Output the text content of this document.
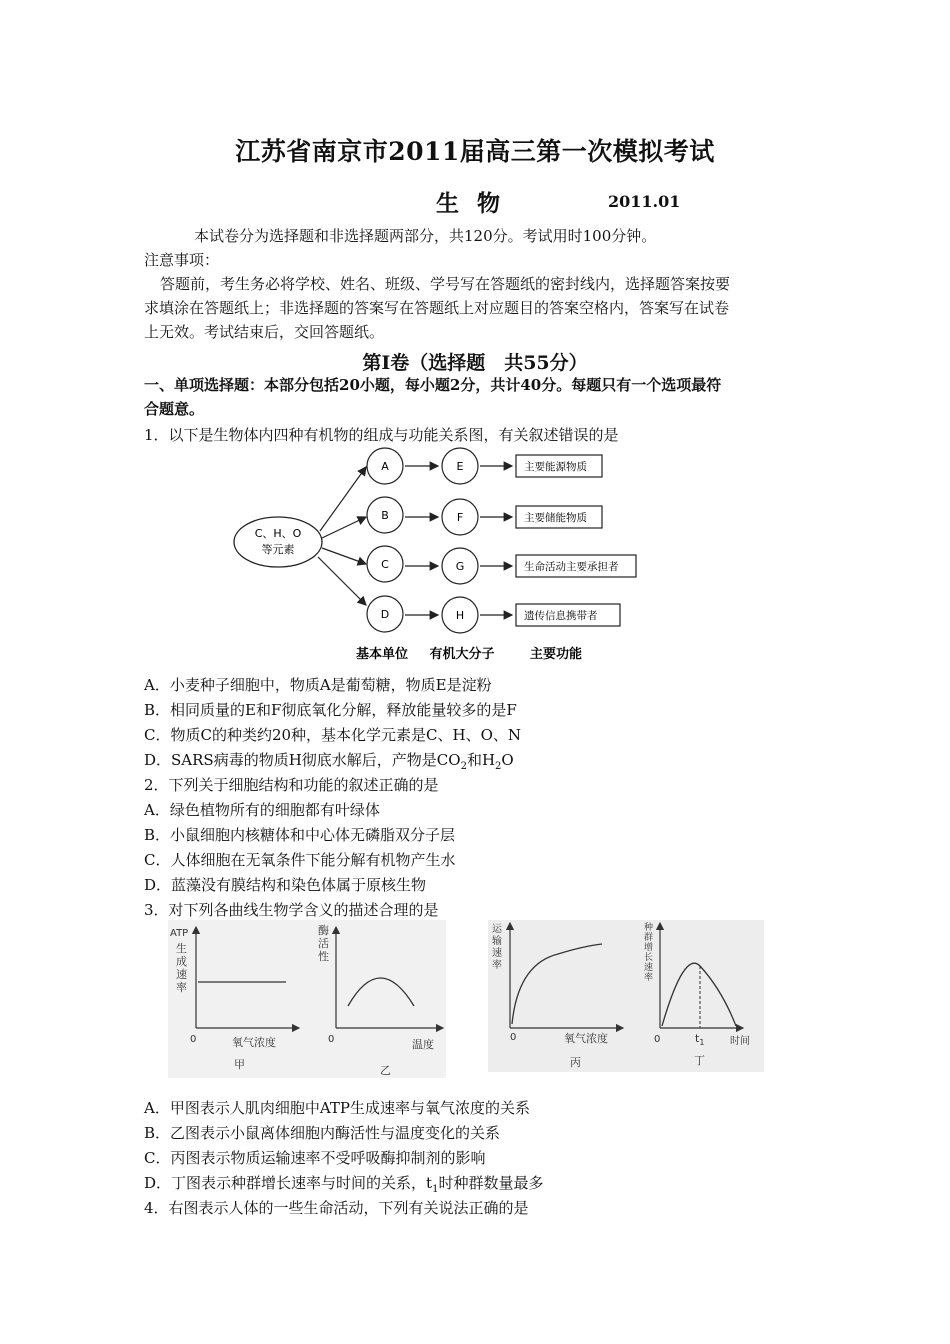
江苏省南京市2011届高三第一次模拟考试
生物	2011.01
本试卷分为选择题和非选择题两部分，共120分。考试用时100分钟。
注意事项：
答题前，考生务必将学校、姓名、班级、学号写在答题纸的密封线内，选择题答案按要
求填涂在答题纸上；非选择题的答案写在答题纸上对应题目的答案空格内，答案写在试卷
上无效。考试结束后，交回答题纸。
第Ⅰ卷（选择题　共55分）
一、单项选择题：本部分包括20小题，每小题2分，共计40分。每题只有一个选项最符
合题意。
1．以下是生物体内四种有机物的组成与功能关系图，有关叙述错误的是
C、H、O
等元素
A	E	主要能源物质
B	F	主要储能物质
C	G	生命活动主要承担者
D	H	遗传信息携带者
基本单位 有机大分子	主要功能
A．小麦种子细胞中，物质A是葡萄糖，物质E是淀粉
B．相同质量的E和F彻底氧化分解，释放能量较多的是F
C．物质C的种类约20种，基本化学元素是C、H、O、N
D．SARS病毒的物质H彻底水解后，产物是$CO_2$和$H_2O$
2．下列关于细胞结构和功能的叙述正确的是
A．绿色植物所有的细胞都有叶绿体
B．小鼠细胞内核糖体和中心体无磷脂双分子层
C．人体细胞在无氧条件下能分解有机物产生水
D．蓝藻没有膜结构和染色体属于原核生物
3．对下列各曲线生物学含义的描述合理的是
ATP
生成速率
0	氧气浓度
甲
酶活性
0	温度
乙
运输速率
0	氧气浓度
丙
种群增长速率
0	$t_1$	时间
丁
A．甲图表示人肌肉细胞中ATP生成速率与氧气浓度的关系
B．乙图表示小鼠离体细胞内酶活性与温度变化的关系
C．丙图表示物质运输速率不受呼吸酶抑制剂的影响
D．丁图表示种群增长速率与时间的关系，$t_1$时种群数量最多
4．右图表示人体的一些生命活动，下列有关说法正确的是
